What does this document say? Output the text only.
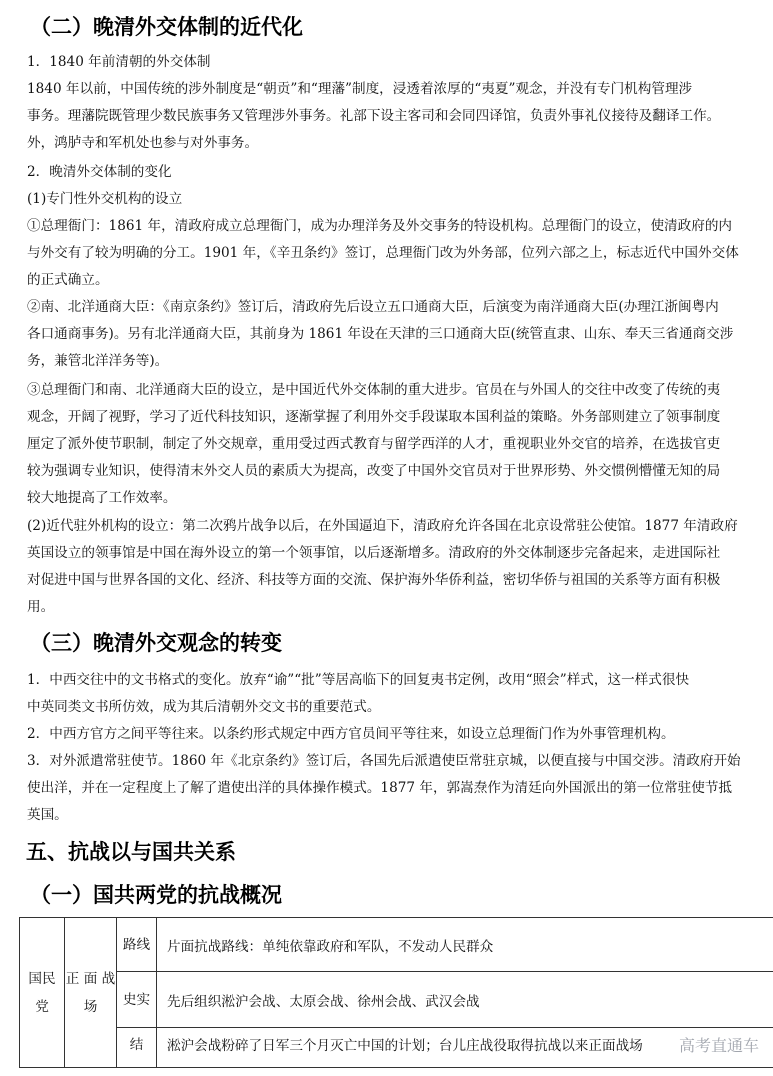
（二）晚清外交体制的近代化
1．1840 年前清朝的外交体制
1840 年以前，中国传统的涉外制度是“朝贡”和“理藩”制度，浸透着浓厚的“夷夏”观念，并没有专门机构管理涉
事务。理藩院既管理少数民族事务又管理涉外事务。礼部下设主客司和会同四译馆，负责外事礼仪接待及翻译工作。
外，鸿胪寺和军机处也参与对外事务。
2．晚清外交体制的变化
(1)专门性外交机构的设立
①总理衙门：1861 年，清政府成立总理衙门，成为办理洋务及外交事务的特设机构。总理衙门的设立，使清政府的内
与外交有了较为明确的分工。1901 年，《辛丑条约》签订，总理衙门改为外务部，位列六部之上，标志近代中国外交体
的正式确立。
②南、北洋通商大臣：《南京条约》签订后，清政府先后设立五口通商大臣，后演变为南洋通商大臣(办理江浙闽粤内
各口通商事务)。另有北洋通商大臣，其前身为 1861 年设在天津的三口通商大臣(统管直隶、山东、奉天三省通商交涉
务，兼管北洋洋务等)。
③总理衙门和南、北洋通商大臣的设立，是中国近代外交体制的重大进步。官员在与外国人的交往中改变了传统的夷
观念，开阔了视野，学习了近代科技知识，逐渐掌握了利用外交手段谋取本国利益的策略。外务部则建立了领事制度
厘定了派外使节职制，制定了外交规章，重用受过西式教育与留学西洋的人才，重视职业外交官的培养，在选拔官吏
较为强调专业知识，使得清末外交人员的素质大为提高，改变了中国外交官员对于世界形势、外交惯例懵懂无知的局
较大地提高了工作效率。
(2)近代驻外机构的设立：第二次鸦片战争以后，在外国逼迫下，清政府允许各国在北京设常驻公使馆。1877 年清政府
英国设立的领事馆是中国在海外设立的第一个领事馆，以后逐渐增多。清政府的外交体制逐步完备起来，走进国际社
对促进中国与世界各国的文化、经济、科技等方面的交流、保护海外华侨利益，密切华侨与祖国的关系等方面有积极
用。
（三）晚清外交观念的转变
1．中西交往中的文书格式的变化。放弃“谕”“批”等居高临下的回复夷书定例，改用“照会”样式，这一样式很快
中英同类文书所仿效，成为其后清朝外交文书的重要范式。
2．中西方官方之间平等往来。以条约形式规定中西方官员间平等往来，如设立总理衙门作为外事管理机构。
3．对外派遣常驻使节。1860 年《北京条约》签订后，各国先后派遣使臣常驻京城，以便直接与中国交涉。清政府开始
使出洋，并在一定程度上了解了遣使出洋的具体操作模式。1877 年，郭嵩焘作为清廷向外国派出的第一位常驻使节抵
英国。
五、抗战以与国共关系
（一）国共两党的抗战概况
国民党	正 面 战场	路线	片面抗战路线：单纯依靠政府和军队，不发动人民群众
		史实	先后组织淞沪会战、太原会战、徐州会战、武汉会战
		结	淞沪会战粉碎了日军三个月灭亡中国的计划；台儿庄战役取得抗战以来正面战场 高考直通车
